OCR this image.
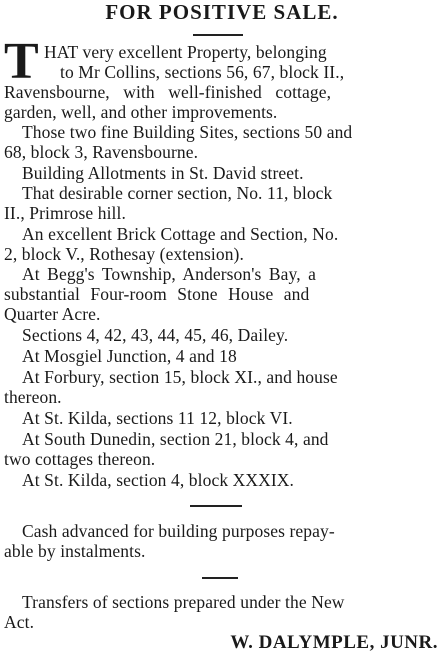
FOR POSITIVE SALE.
T HAT very excellent Property, belonging
to Mr Collins, sections 56, 67, block II.,
Ravensbourne, with well-finished cottage,
garden, well, and other improvements.
Those two fine Building Sites, sections 50 and
68, block 3, Ravensbourne.
Building Allotments in St. David street.
That desirable corner section, No. 11, block
II., Primrose hill.
An excellent Brick Cottage and Section, No.
2, block V., Rothesay (extension).
At Begg's Township, Anderson's Bay, a
substantial Four-room Stone House and
Quarter Acre.
Sections 4, 42, 43, 44, 45, 46, Dailey.
At Mosgiel Junction, 4 and 18
At Forbury, section 15, block XI., and house
thereon.
At St. Kilda, sections 11 12, block VI.
At South Dunedin, section 21, block 4, and
two cottages thereon.
At St. Kilda, section 4, block XXXIX.
Cash advanced for building purposes repay-
able by instalments.
Transfers of sections prepared under the New
Act.
W. DALYMPLE, JUNR.
